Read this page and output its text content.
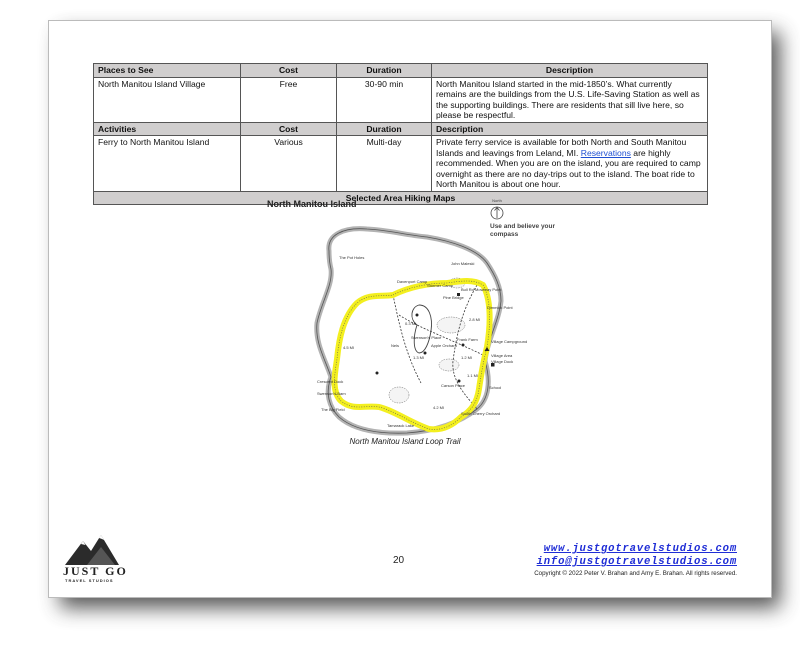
Places to See	Cost	Duration	Description
North Manitou Island Village	Free	30-90 min	North Manitou Island started in the mid-1850’s. What currently remains are the buildings from the U.S. Life-Saving Station as well as the supporting buildings. There are residents that sill live here, so please be respectful.
Activities	Cost	Duration	Description
Ferry to North Manitou Island	Various	Multi-day	Private ferry service is available for both North and South Manitou Islands and leavings from Leland, MI. Reservations are highly recommended. When you are on the island, you are required to camp overnight as there are no day-trips out to the island. The boat ride to North Manitou is about one hour.
Selected Area Hiking Maps			
North Manitou Island	North
Use and believe your compass
The Pot Holes
John Maleski
Davenport Camp
Stormer Camp
Bull Rd Mowbray Point
Pine Bridge
Dimmick Point
2.8 MI
0.3 MI
Swenson's Place	Frank Farm
Nels	Apple Orchard
4.5 MI
1.3 MI	1.2 MI
Village Campground
Village Area
Village Dock
1.1 MI
Crescent Dock
Swenson's Barn
Carson Place	School
The Big Field	4.2 MI
South Cherry Orchard
Tamarack Lake
North Manitou Island Loop Trail
20
JUST GO
TRAVEL STUDIOS
www.justgotravelstudios.com
info@justgotravelstudios.com
Copyright © 2022 Peter V. Brahan and Amy E. Brahan. All rights reserved.
